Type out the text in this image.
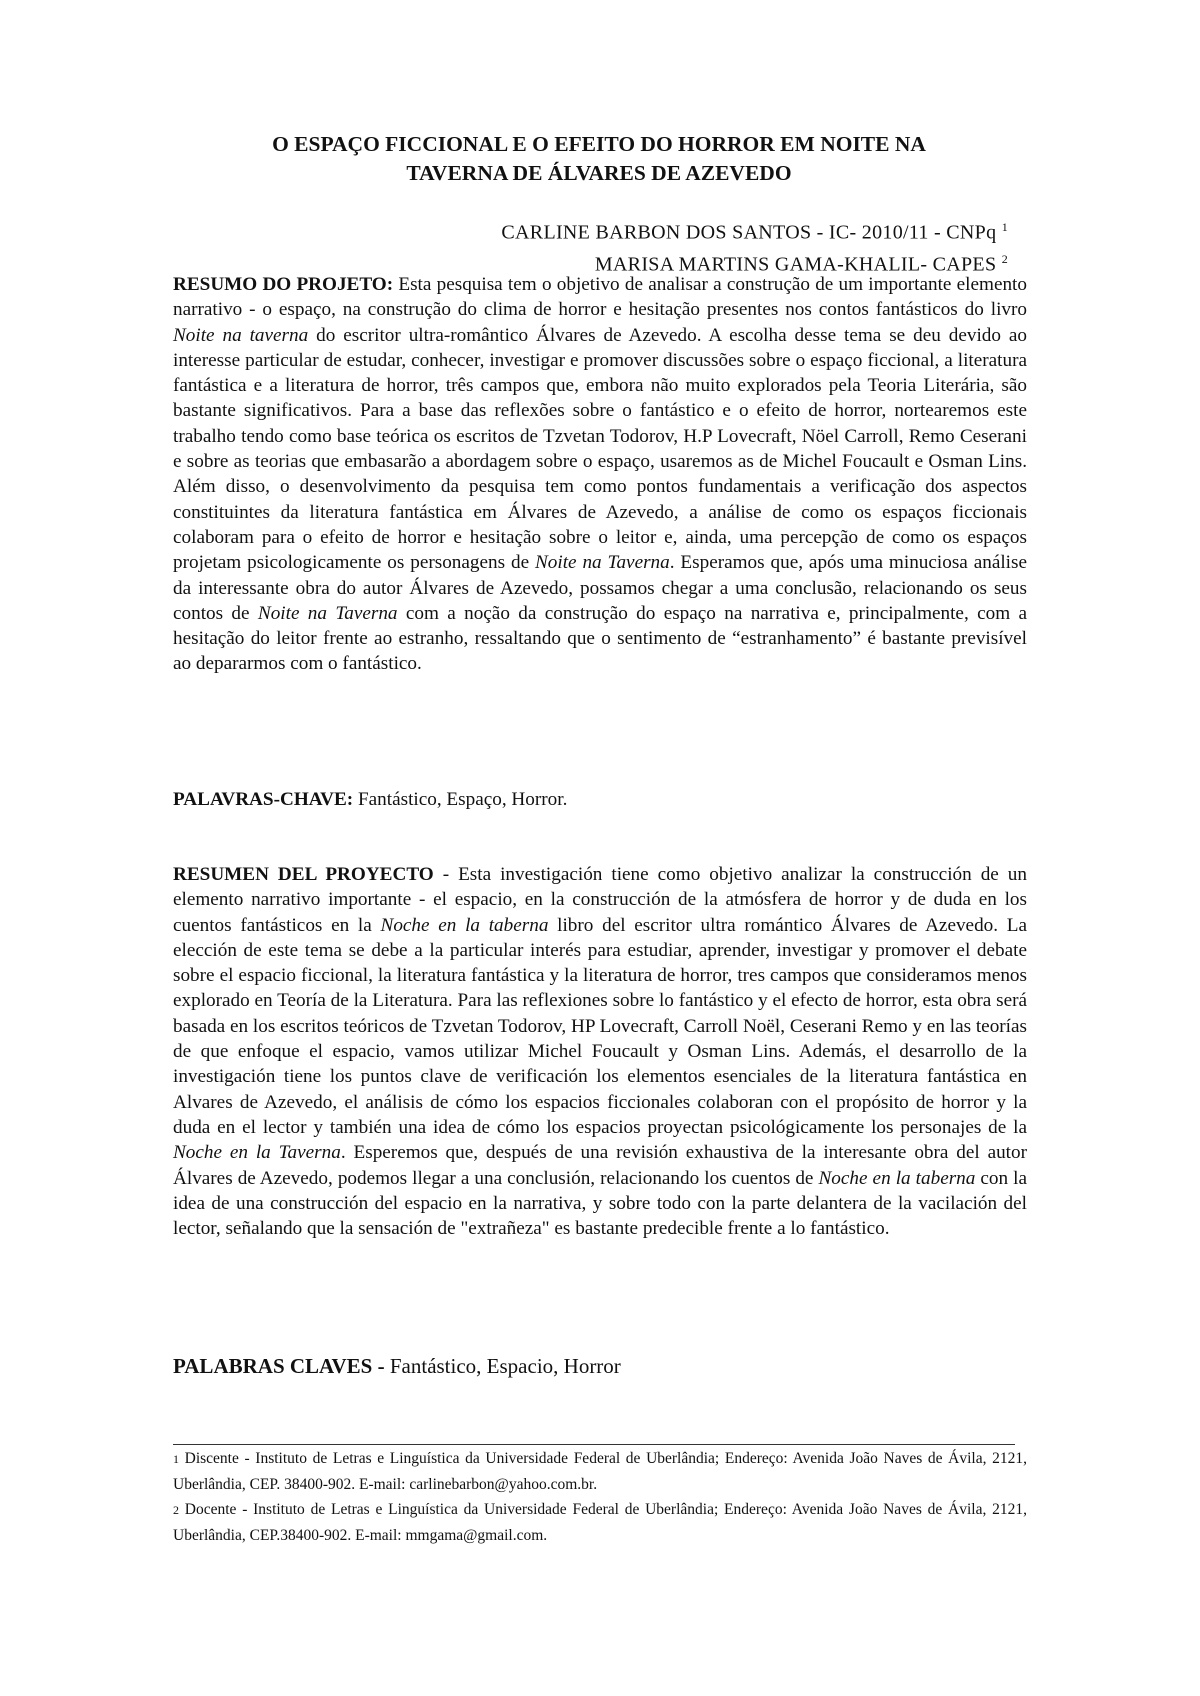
O ESPAÇO FICCIONAL E O EFEITO DO HORROR EM NOITE NA
TAVERNA DE ÁLVARES DE AZEVEDO
CARLINE BARBON DOS SANTOS - IC- 2010/11 - CNPq $^1$
MARISA MARTINS GAMA-KHALIL- CAPES $^2$

RESUMO DO PROJETO: Esta pesquisa tem o objetivo de analisar a construção de um importante elemento narrativo - o espaço, na construção do clima de horror e hesitação presentes nos contos fantásticos do livro Noite na taverna do escritor ultra-romântico Álvares de Azevedo. A escolha desse tema se deu devido ao interesse particular de estudar, conhecer, investigar e promover discussões sobre o espaço ficcional, a literatura fantástica e a literatura de horror, três campos que, embora não muito explorados pela Teoria Literária, são bastante significativos. Para a base das reflexões sobre o fantástico e o efeito de horror, nortearemos este trabalho tendo como base teórica os escritos de Tzvetan Todorov, H.P Lovecraft, Nöel Carroll, Remo Ceserani e sobre as teorias que embasarão a abordagem sobre o espaço, usaremos as de Michel Foucault e Osman Lins. Além disso, o desenvolvimento da pesquisa tem como pontos fundamentais a verificação dos aspectos constituintes da literatura fantástica em Álvares de Azevedo, a análise de como os espaços ficcionais colaboram para o efeito de horror e hesitação sobre o leitor e, ainda, uma percepção de como os espaços projetam psicologicamente os personagens de Noite na Taverna. Esperamos que, após uma minuciosa análise da interessante obra do autor Álvares de Azevedo, possamos chegar a uma conclusão, relacionando os seus contos de Noite na Taverna com a noção da construção do espaço na narrativa e, principalmente, com a hesitação do leitor frente ao estranho, ressaltando que o sentimento de “estranhamento” é bastante previsível ao depararmos com o fantástico.

PALAVRAS-CHAVE: Fantástico, Espaço, Horror.

RESUMEN DEL PROYECTO - Esta investigación tiene como objetivo analizar la construcción de un elemento narrativo importante - el espacio, en la construcción de la atmósfera de horror y de duda en los cuentos fantásticos en la Noche en la taberna libro del escritor ultra romántico Álvares de Azevedo. La elección de este tema se debe a la particular interés para estudiar, aprender, investigar y promover el debate sobre el espacio ficcional, la literatura fantástica y la literatura de horror, tres campos que consideramos menos explorado en Teoría de la Literatura. Para las reflexiones sobre lo fantástico y el efecto de horror, esta obra será basada en los escritos teóricos de Tzvetan Todorov, HP Lovecraft, Carroll Noël, Ceserani Remo y en las teorías de que enfoque el espacio, vamos utilizar Michel Foucault y Osman Lins. Además, el desarrollo de la investigación tiene los puntos clave de verificación los elementos esenciales de la literatura fantástica en Alvares de Azevedo, el análisis de cómo los espacios ficcionales colaboran con el propósito de horror y la duda en el lector y también una idea de cómo los espacios proyectan psicológicamente los personajes de la Noche en la Taverna. Esperemos que, después de una revisión exhaustiva de la interesante obra del autor Álvares de Azevedo, podemos llegar a una conclusión, relacionando los cuentos de Noche en la taberna con la idea de una construcción del espacio en la narrativa, y sobre todo con la parte delantera de la vacilación del lector, señalando que la sensación de "extrañeza" es bastante predecible frente a lo fantástico.

PALABRAS CLAVES - Fantástico, Espacio, Horror

1 Discente - Instituto de Letras e Linguística da Universidade Federal de Uberlândia; Endereço: Avenida João Naves de Ávila, 2121, Uberlândia, CEP. 38400-902. E-mail: carlinebarbon@yahoo.com.br.

2 Docente - Instituto de Letras e Linguística da Universidade Federal de Uberlândia; Endereço: Avenida João Naves de Ávila, 2121, Uberlândia, CEP.38400-902. E-mail: mmgama@gmail.com.
